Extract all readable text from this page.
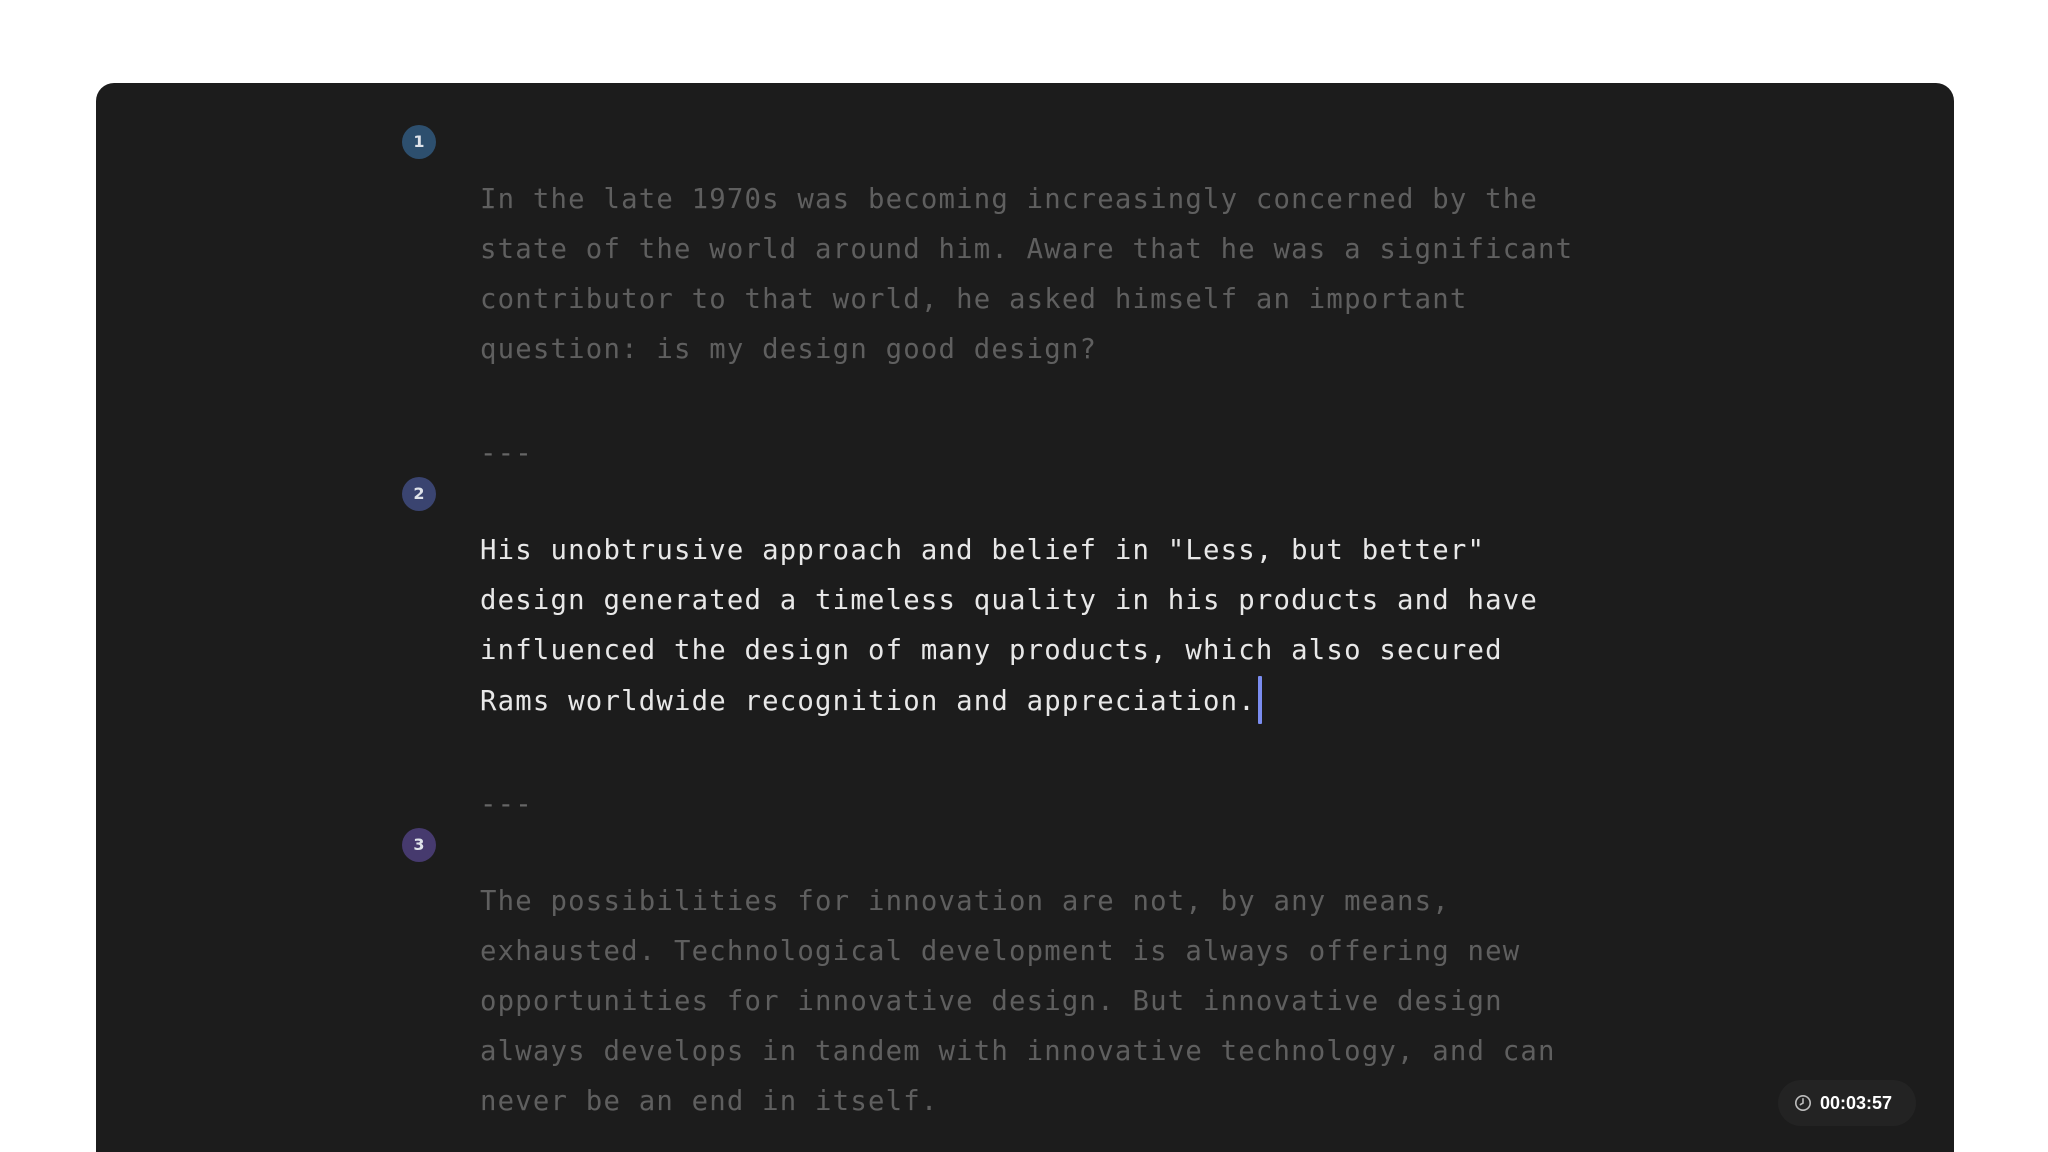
1

In the late 1970s was becoming increasingly concerned by the
state of the world around him. Aware that he was a significant
contributor to that world, he asked himself an important
question: is my design good design?

---

2

His unobtrusive approach and belief in "Less, but better"
design generated a timeless quality in his products and have
influenced the design of many products, which also secured
Rams worldwide recognition and appreciation.

---

3

The possibilities for innovation are not, by any means,
exhausted. Technological development is always offering new
opportunities for innovative design. But innovative design
always develops in tandem with innovative technology, and can
never be an end in itself.	00:03:57
